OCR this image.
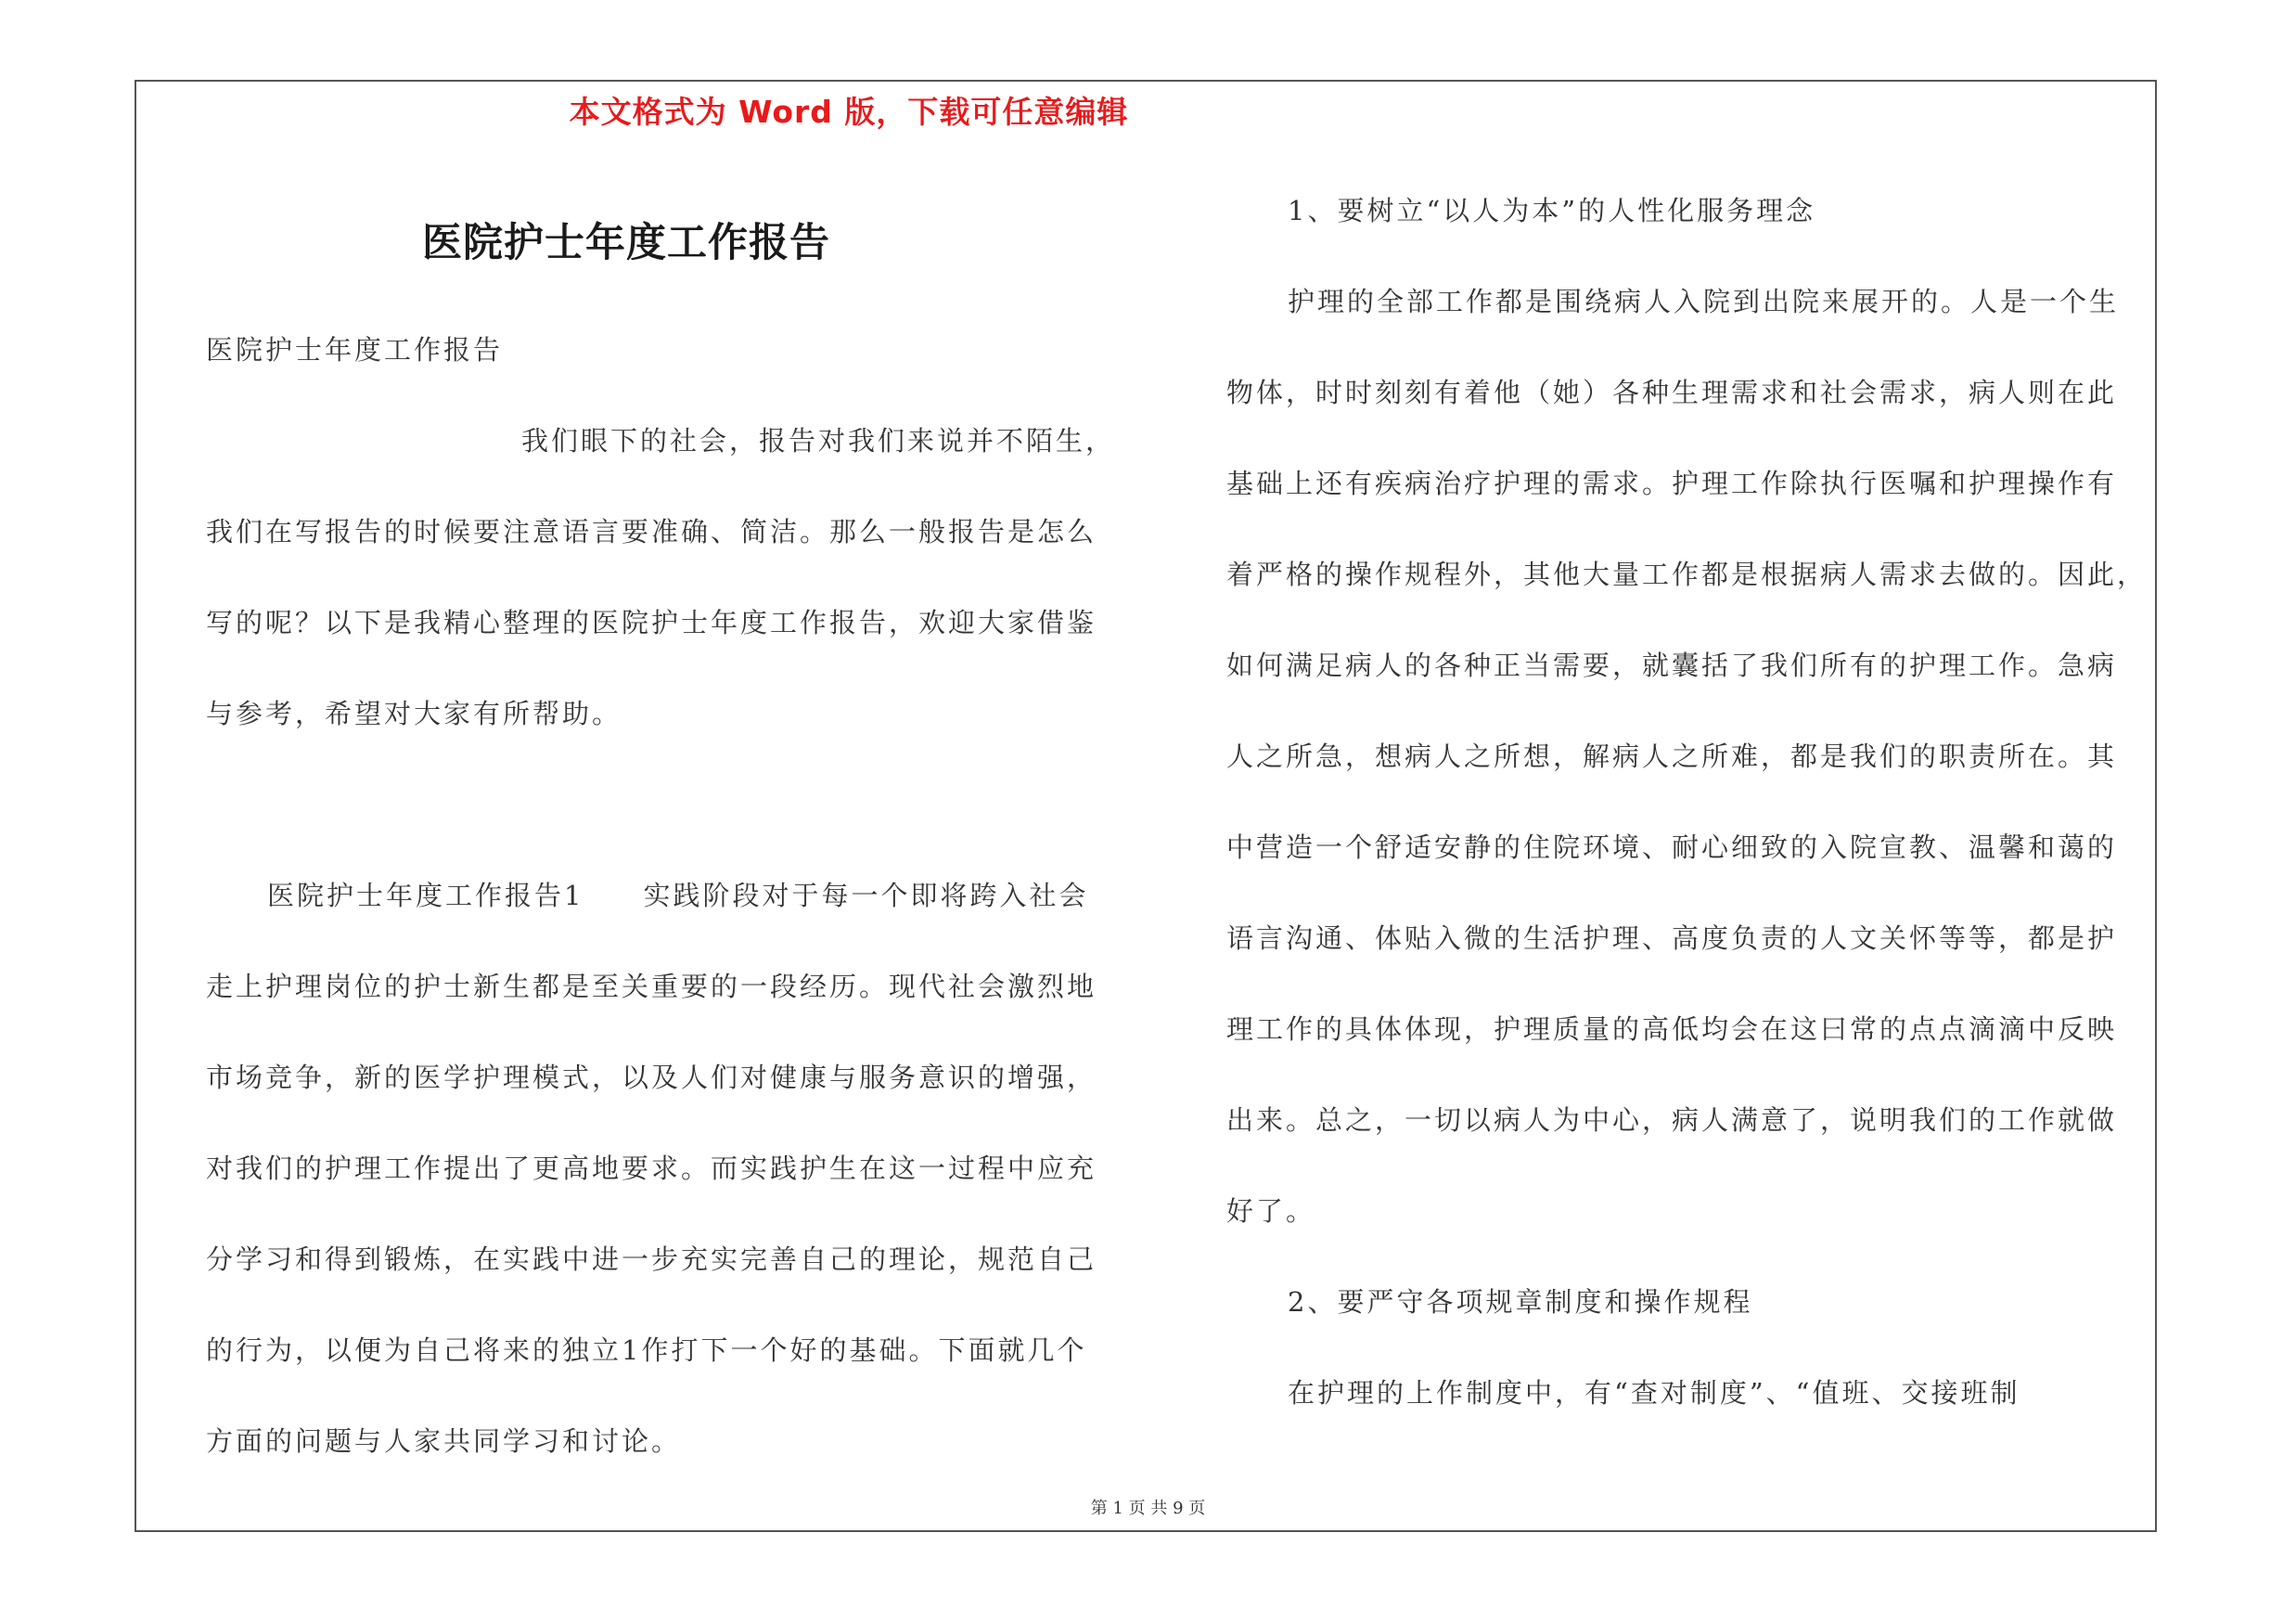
本文格式为 Word 版，下载可任意编辑
医院护士年度工作报告
医院护士年度工作报告
我们眼下的社会，报告对我们来说并不陌生，
我们在写报告的时候要注意语言要准确、简洁。那么一般报告是怎么
写的呢？以下是我精心整理的医院护士年度工作报告，欢迎大家借鉴
与参考，希望对大家有所帮助。
医院护士年度工作报告1　　实践阶段对于每一个即将跨入社会
走上护理岗位的护士新生都是至关重要的一段经历。现代社会激烈地
市场竞争，新的医学护理模式，以及人们对健康与服务意识的增强，
对我们的护理工作提出了更高地要求。而实践护生在这一过程中应充
分学习和得到锻炼，在实践中进一步充实完善自己的理论，规范自己
的行为，以便为自己将来的独立1作打下一个好的基础。下面就几个
方面的问题与人家共同学习和讨论。
1、要树立“以人为本”的人性化服务理念
护理的全部工作都是围绕病人入院到出院来展开的。人是一个生
物体，时时刻刻有着他（她）各种生理需求和社会需求，病人则在此
基础上还有疾病治疗护理的需求。护理工作除执行医嘱和护理操作有
着严格的操作规程外，其他大量工作都是根据病人需求去做的。因此，
如何满足病人的各种正当需要，就囊括了我们所有的护理工作。急病
人之所急，想病人之所想，解病人之所难，都是我们的职责所在。其
中营造一个舒适安静的住院环境、耐心细致的入院宣教、温馨和蔼的
语言沟通、体贴入微的生活护理、高度负责的人文关怀等等，都是护
理工作的具体体现，护理质量的高低均会在这曰常的点点滴滴中反映
出来。总之，一切以病人为中心，病人满意了，说明我们的工作就做
好了。
2、要严守各项规章制度和操作规程
在护理的上作制度中，有“查对制度”、“值班、交接班制
第 1 页 共 9 页
